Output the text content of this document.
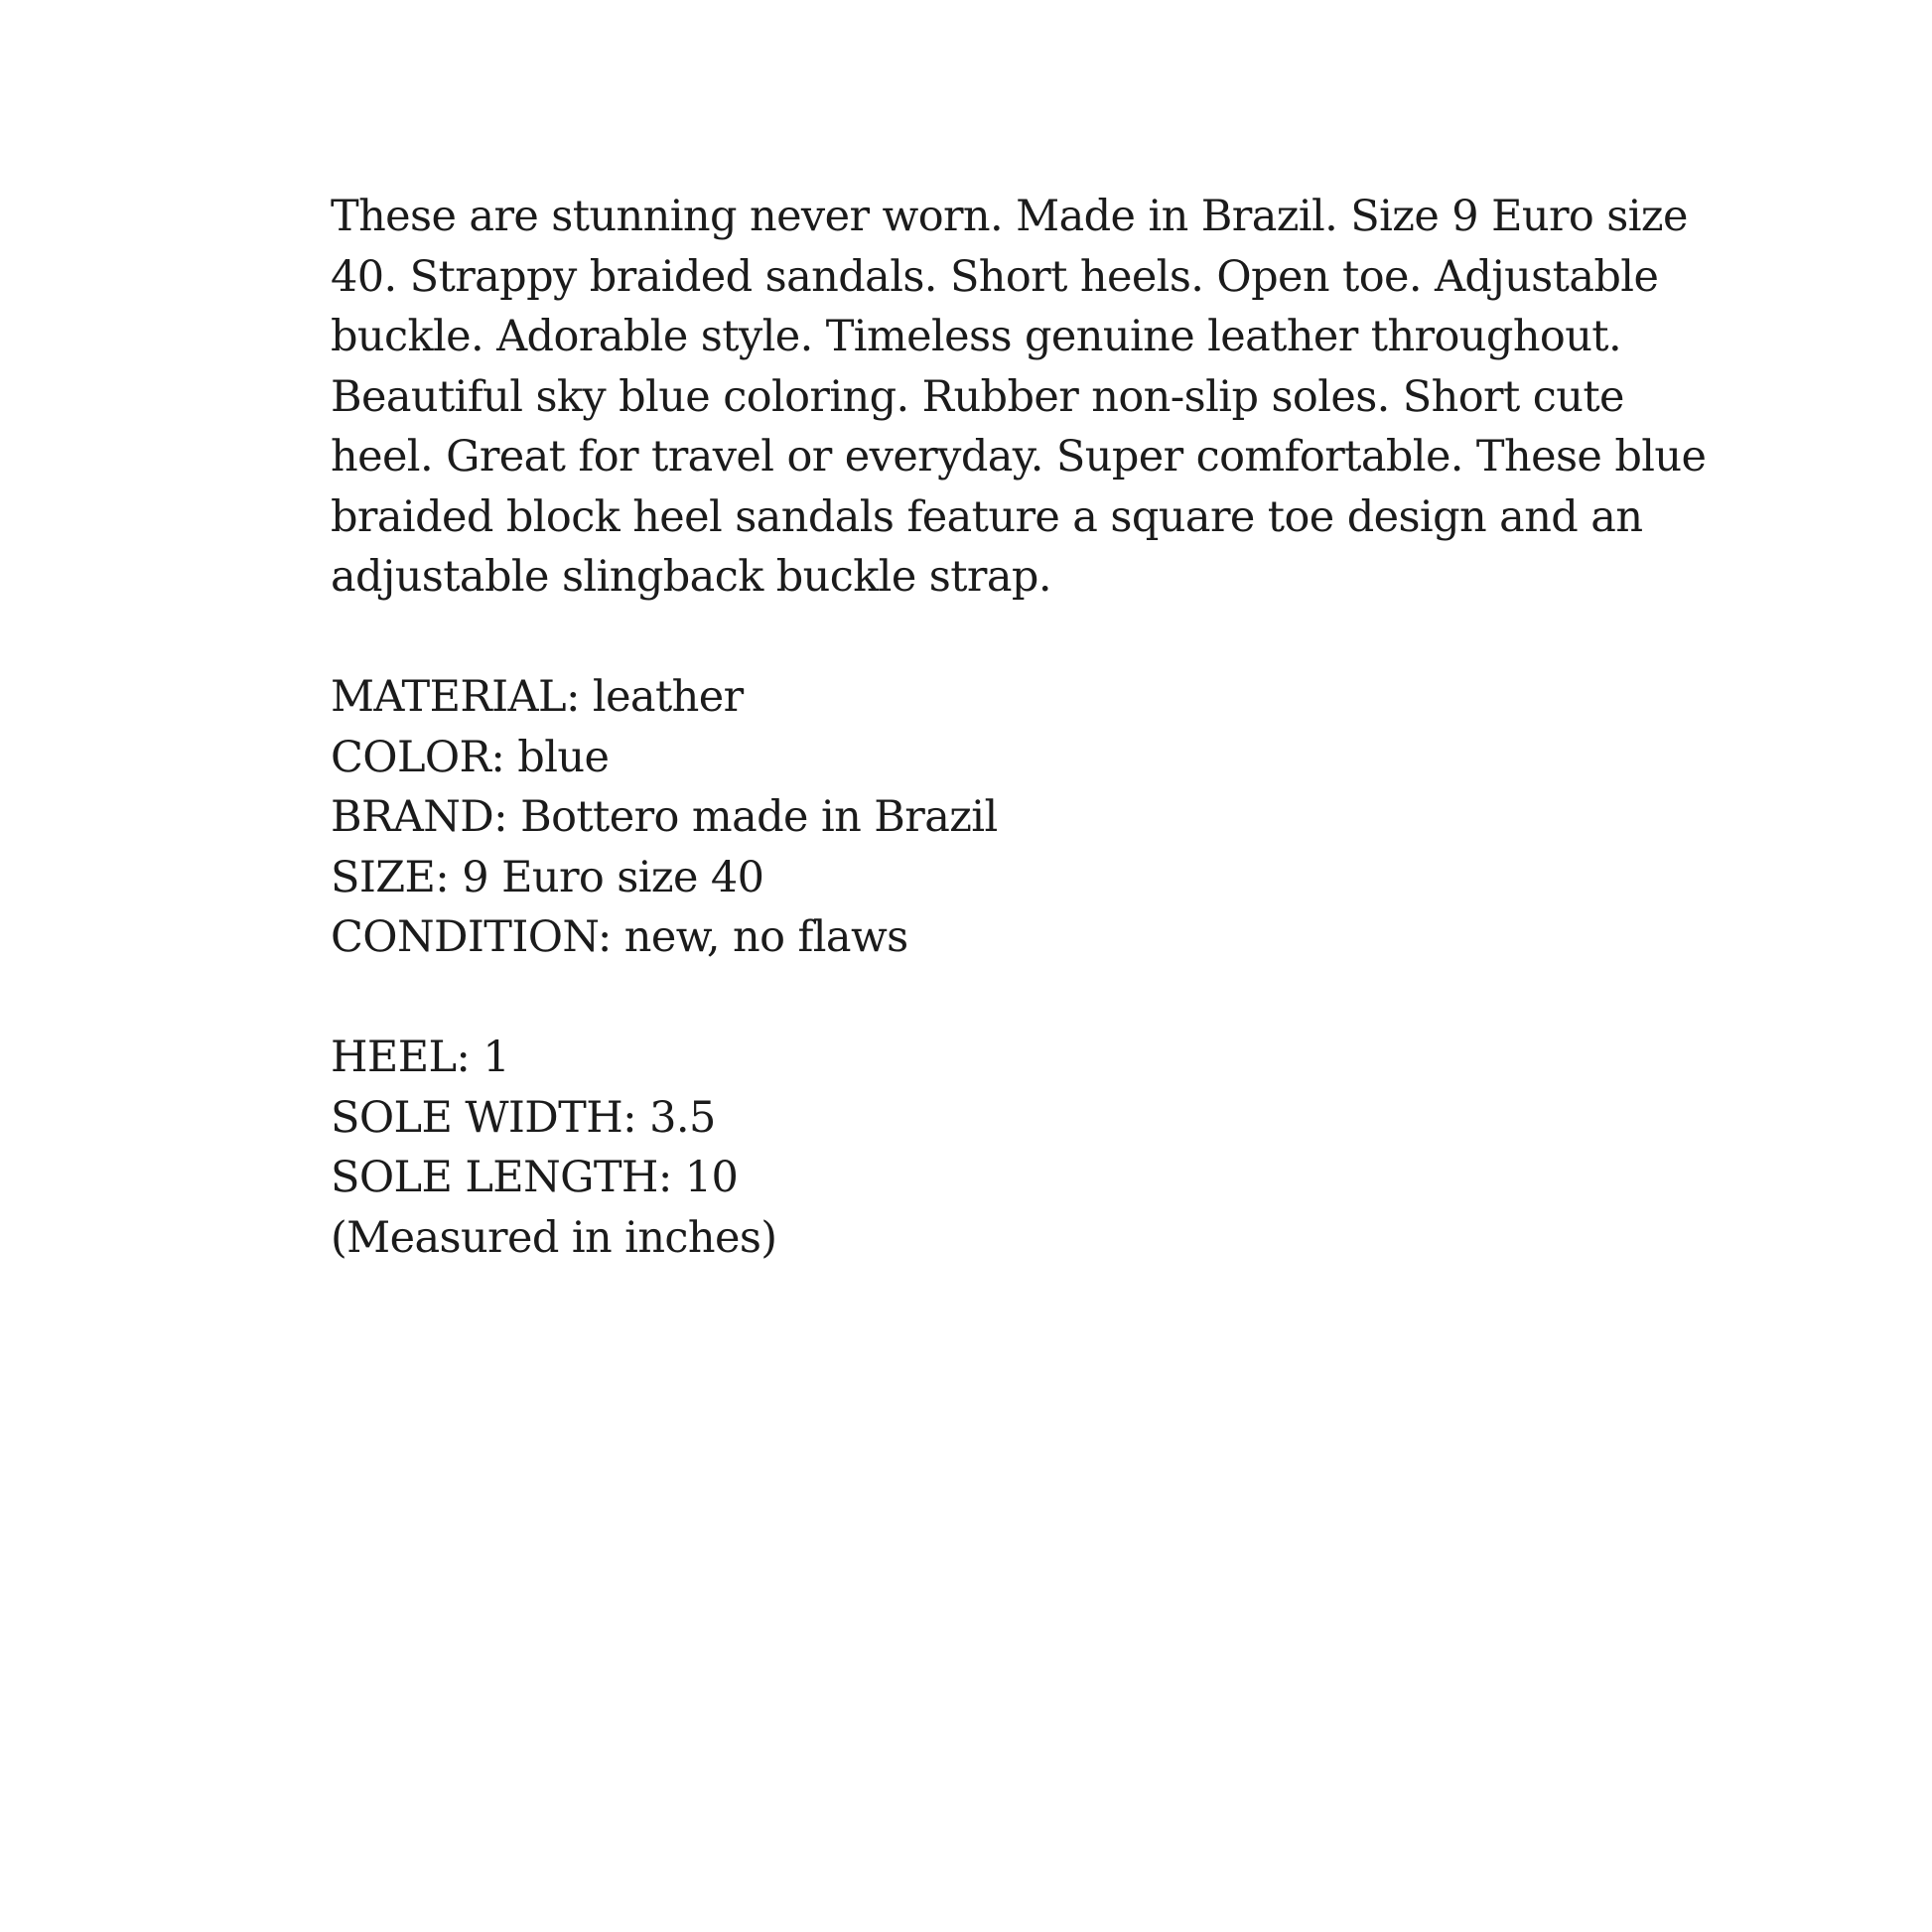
These are stunning never worn. Made in Brazil. Size 9 Euro size
40. Strappy braided sandals. Short heels. Open toe. Adjustable
buckle. Adorable style. Timeless genuine leather throughout.
Beautiful sky blue coloring. Rubber non-slip soles. Short cute
heel. Great for travel or everyday. Super comfortable. These blue
braided block heel sandals feature a square toe design and an
adjustable slingback buckle strap.
MATERIAL: leather
COLOR: blue
BRAND: Bottero made in Brazil
SIZE: 9 Euro size 40
CONDITION: new, no flaws
HEEL: 1
SOLE WIDTH: 3.5
SOLE LENGTH: 10
(Measured in inches)
